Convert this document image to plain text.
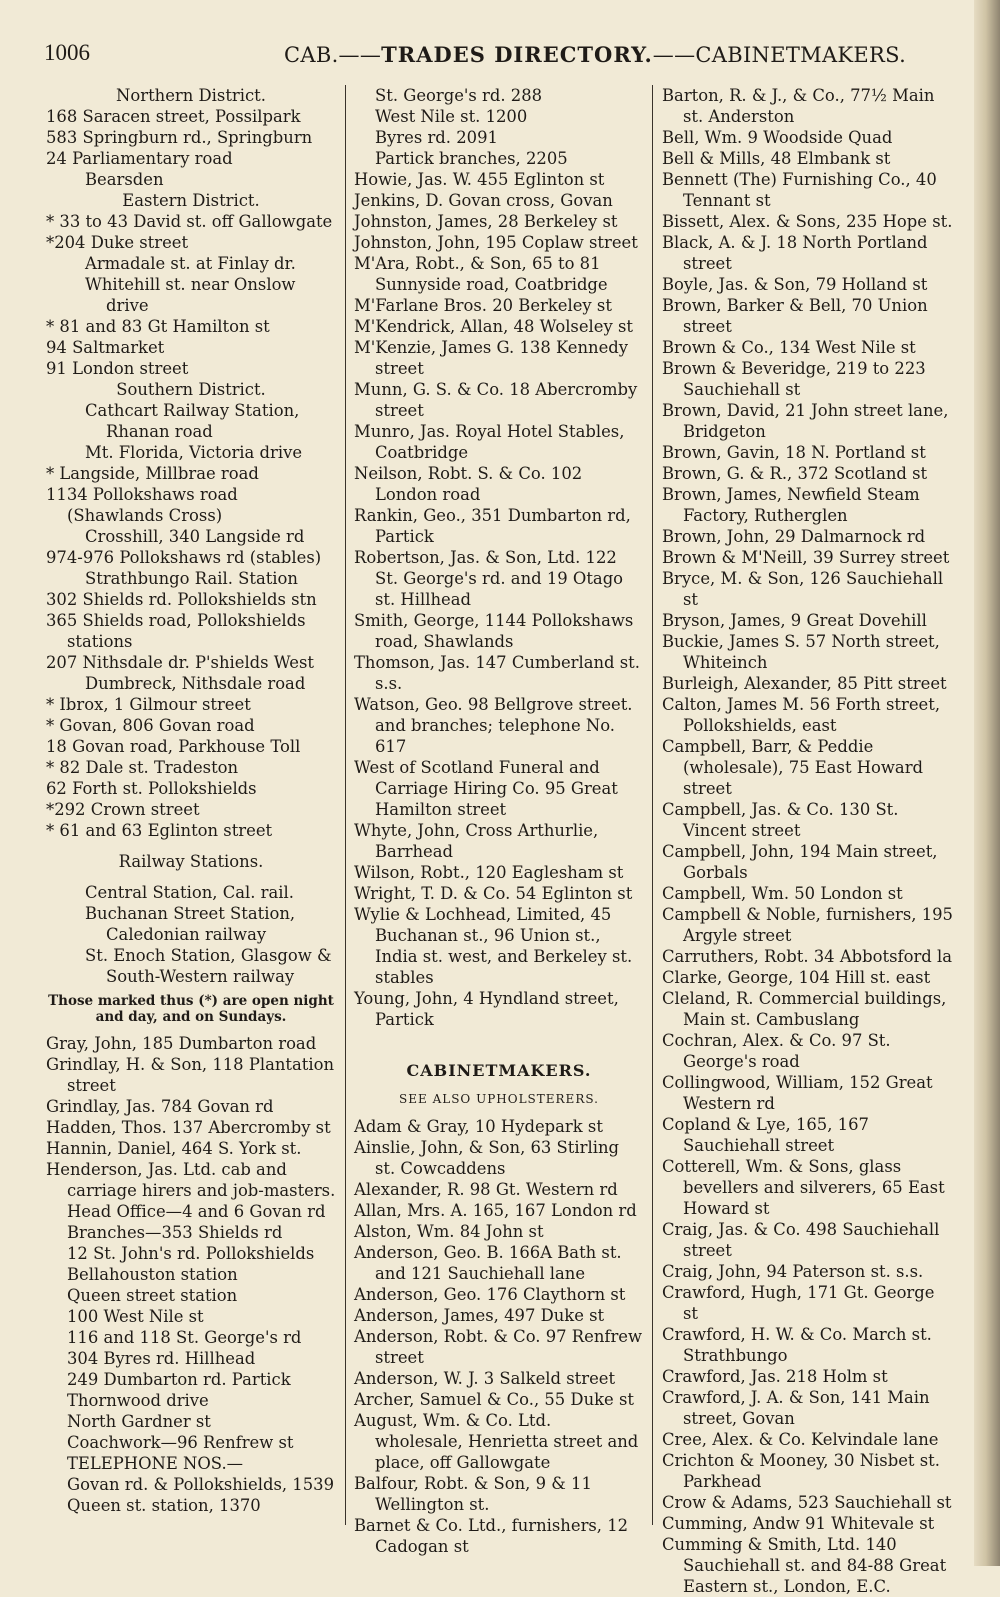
1006	CAB.——TRADES DIRECTORY.——CABINETMAKERS.

Northern District.

168 Saracen street, Possilpark

583 Springburn rd., Springburn

24 Parliamentary road

Bearsden

Eastern District.

* 33 to 43 David st. off Gallowgate

*204 Duke street

Armadale st. at Finlay dr.

Whitehill st. near Onslow drive

* 81 and 83 Gt Hamilton st

94 Saltmarket

91 London street

Southern District.

Cathcart Railway Station, Rhanan road

Mt. Florida, Victoria drive

* Langside, Millbrae road

1134 Pollokshaws road (Shawlands Cross)

Crosshill, 340 Langside rd

974-976 Pollokshaws rd (stables)

Strathbungo Rail. Station

302 Shields rd. Pollokshields stn

365 Shields road, Pollokshields stations

207 Nithsdale dr. P'shields West

Dumbreck, Nithsdale road

* Ibrox, 1 Gilmour street

* Govan, 806 Govan road

18 Govan road, Parkhouse Toll

* 82 Dale st. Tradeston

62 Forth st. Pollokshields

*292 Crown street

* 61 and 63 Eglinton street

Railway Stations.

Central Station, Cal. rail.

Buchanan Street Station, Caledonian railway

St. Enoch Station, Glasgow & South-Western railway

Those marked thus (*) are open night and day, and on Sundays.

Gray, John, 185 Dumbarton road

Grindlay, H. & Son, 118 Plantation street

Grindlay, Jas. 784 Govan rd

Hadden, Thos. 137 Abercromby st

Hannin, Daniel, 464 S. York st.

Henderson, Jas. Ltd. cab and carriage hirers and job-masters.

Head Office—4 and 6 Govan rd

Branches—353 Shields rd

12 St. John's rd. Pollokshields

Bellahouston station

Queen street station

100 West Nile st

116 and 118 St. George's rd

304 Byres rd. Hillhead

249 Dumbarton rd. Partick

Thornwood drive

North Gardner st

Coachwork—96 Renfrew st

TELEPHONE NOS.—

Govan rd. & Pollokshields, 1539

Queen st. station, 1370

St. George's rd. 288

West Nile st. 1200

Byres rd. 2091

Partick branches, 2205

Howie, Jas. W. 455 Eglinton st

Jenkins, D. Govan cross, Govan

Johnston, James, 28 Berkeley st

Johnston, John, 195 Coplaw street

M'Ara, Robt., & Son, 65 to 81 Sunnyside road, Coatbridge

M'Farlane Bros. 20 Berkeley st

M'Kendrick, Allan, 48 Wolseley st

M'Kenzie, James G. 138 Kennedy street

Munn, G. S. & Co. 18 Abercromby street

Munro, Jas. Royal Hotel Stables, Coatbridge

Neilson, Robt. S. & Co. 102 London road

Rankin, Geo., 351 Dumbarton rd, Partick

Robertson, Jas. & Son, Ltd. 122 St. George's rd. and 19 Otago st. Hillhead

Smith, George, 1144 Pollokshaws road, Shawlands

Thomson, Jas. 147 Cumberland st. s.s.

Watson, Geo. 98 Bellgrove street. and branches; telephone No. 617

West of Scotland Funeral and Carriage Hiring Co. 95 Great Hamilton street

Whyte, John, Cross Arthurlie, Barrhead

Wilson, Robt., 120 Eaglesham st

Wright, T. D. & Co. 54 Eglinton st

Wylie & Lochhead, Limited, 45 Buchanan st., 96 Union st., India st. west, and Berkeley st. stables

Young, John, 4 Hyndland street, Partick

CABINETMAKERS.

SEE ALSO UPHOLSTERERS.

Adam & Gray, 10 Hydepark st

Ainslie, John, & Son, 63 Stirling st. Cowcaddens

Alexander, R. 98 Gt. Western rd

Allan, Mrs. A. 165, 167 London rd

Alston, Wm. 84 John st

Anderson, Geo. B. 166A Bath st. and 121 Sauchiehall lane

Anderson, Geo. 176 Claythorn st

Anderson, James, 497 Duke st

Anderson, Robt. & Co. 97 Renfrew street

Anderson, W. J. 3 Salkeld street

Archer, Samuel & Co., 55 Duke st

August, Wm. & Co. Ltd. wholesale, Henrietta street and place, off Gallowgate

Balfour, Robt. & Son, 9 & 11 Wellington st.

Barnet & Co. Ltd., furnishers, 12 Cadogan st

Barton, R. & J., & Co., 77½ Main st. Anderston

Bell, Wm. 9 Woodside Quad

Bell & Mills, 48 Elmbank st

Bennett (The) Furnishing Co., 40 Tennant st

Bissett, Alex. & Sons, 235 Hope st.

Black, A. & J. 18 North Portland street

Boyle, Jas. & Son, 79 Holland st

Brown, Barker & Bell, 70 Union street

Brown & Co., 134 West Nile st

Brown & Beveridge, 219 to 223 Sauchiehall st

Brown, David, 21 John street lane, Bridgeton

Brown, Gavin, 18 N. Portland st

Brown, G. & R., 372 Scotland st

Brown, James, Newfield Steam Factory, Rutherglen

Brown, John, 29 Dalmarnock rd

Brown & M'Neill, 39 Surrey street

Bryce, M. & Son, 126 Sauchiehall st

Bryson, James, 9 Great Dovehill

Buckie, James S. 57 North street, Whiteinch

Burleigh, Alexander, 85 Pitt street

Calton, James M. 56 Forth street, Pollokshields, east

Campbell, Barr, & Peddie (wholesale), 75 East Howard street

Campbell, Jas. & Co. 130 St. Vincent street

Campbell, John, 194 Main street, Gorbals

Campbell, Wm. 50 London st

Campbell & Noble, furnishers, 195 Argyle street

Carruthers, Robt. 34 Abbotsford la

Clarke, George, 104 Hill st. east

Cleland, R. Commercial buildings, Main st. Cambuslang

Cochran, Alex. & Co. 97 St. George's road

Collingwood, William, 152 Great Western rd

Copland & Lye, 165, 167 Sauchiehall street

Cotterell, Wm. & Sons, glass bevellers and silverers, 65 East Howard st

Craig, Jas. & Co. 498 Sauchiehall street

Craig, John, 94 Paterson st. s.s.

Crawford, Hugh, 171 Gt. George st

Crawford, H. W. & Co. March st. Strathbungo

Crawford, Jas. 218 Holm st

Crawford, J. A. & Son, 141 Main street, Govan

Cree, Alex. & Co. Kelvindale lane

Crichton & Mooney, 30 Nisbet st. Parkhead

Crow & Adams, 523 Sauchiehall st

Cumming, Andw 91 Whitevale st

Cumming & Smith, Ltd. 140 Sauchiehall st. and 84-88 Great Eastern st., London, E.C.
